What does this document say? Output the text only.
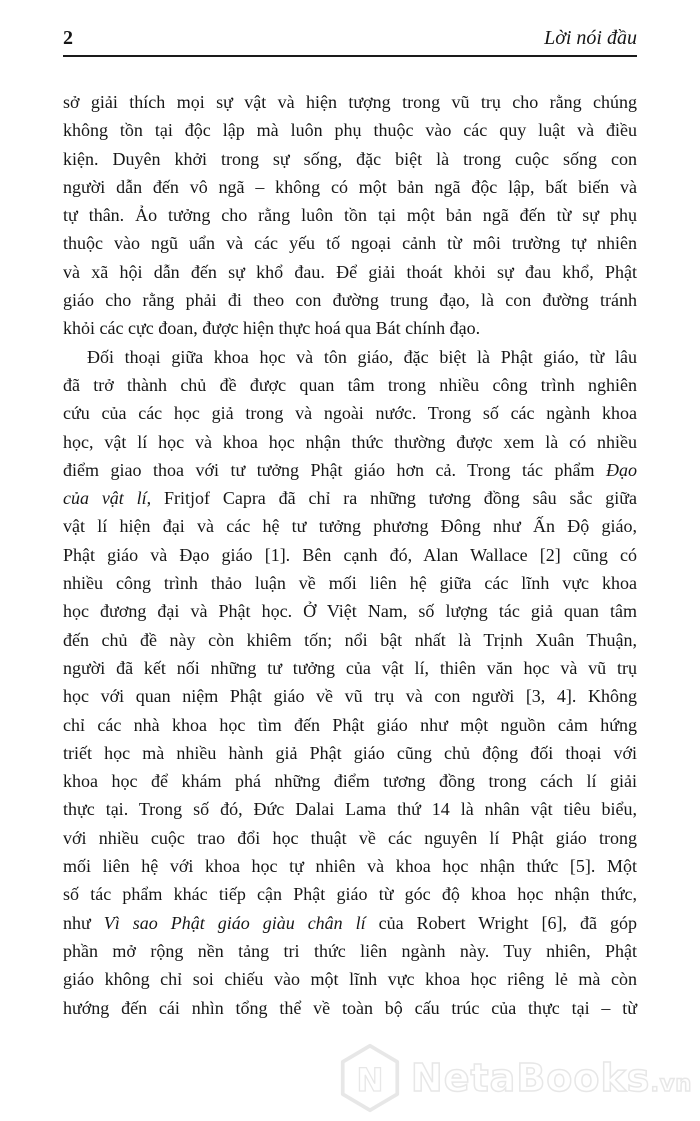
2	Lời nói đầu
sở giải thích mọi sự vật và hiện tượng trong vũ trụ cho rằng chúng
không tồn tại độc lập mà luôn phụ thuộc vào các quy luật và điều
kiện. Duyên khởi trong sự sống, đặc biệt là trong cuộc sống con
người dẫn đến vô ngã – không có một bản ngã độc lập, bất biến và
tự thân. Ảo tưởng cho rằng luôn tồn tại một bản ngã đến từ sự phụ
thuộc vào ngũ uẩn và các yếu tố ngoại cảnh từ môi trường tự nhiên
và xã hội dẫn đến sự khổ đau. Để giải thoát khỏi sự đau khổ, Phật
giáo cho rằng phải đi theo con đường trung đạo, là con đường tránh
khỏi các cực đoan, được hiện thực hoá qua Bát chính đạo.
Đối thoại giữa khoa học và tôn giáo, đặc biệt là Phật giáo, từ lâu
đã trở thành chủ đề được quan tâm trong nhiều công trình nghiên
cứu của các học giả trong và ngoài nước. Trong số các ngành khoa
học, vật lí học và khoa học nhận thức thường được xem là có nhiều
điểm giao thoa với tư tưởng Phật giáo hơn cả. Trong tác phẩm Đạo
của vật lí, Fritjof Capra đã chỉ ra những tương đồng sâu sắc giữa
vật lí hiện đại và các hệ tư tưởng phương Đông như Ấn Độ giáo,
Phật giáo và Đạo giáo [1]. Bên cạnh đó, Alan Wallace [2] cũng có
nhiều công trình thảo luận về mối liên hệ giữa các lĩnh vực khoa
học đương đại và Phật học. Ở Việt Nam, số lượng tác giả quan tâm
đến chủ đề này còn khiêm tốn; nổi bật nhất là Trịnh Xuân Thuận,
người đã kết nối những tư tưởng của vật lí, thiên văn học và vũ trụ
học với quan niệm Phật giáo về vũ trụ và con người [3, 4]. Không
chỉ các nhà khoa học tìm đến Phật giáo như một nguồn cảm hứng
triết học mà nhiều hành giả Phật giáo cũng chủ động đối thoại với
khoa học để khám phá những điểm tương đồng trong cách lí giải
thực tại. Trong số đó, Đức Dalai Lama thứ 14 là nhân vật tiêu biểu,
với nhiều cuộc trao đổi học thuật về các nguyên lí Phật giáo trong
mối liên hệ với khoa học tự nhiên và khoa học nhận thức [5]. Một
số tác phẩm khác tiếp cận Phật giáo từ góc độ khoa học nhận thức,
như Vì sao Phật giáo giàu chân lí của Robert Wright [6], đã góp
phần mở rộng nền tảng tri thức liên ngành này. Tuy nhiên, Phật
giáo không chỉ soi chiếu vào một lĩnh vực khoa học riêng lẻ mà còn
hướng đến cái nhìn tổng thể về toàn bộ cấu trúc của thực tại – từ
N NetaBooks.vn
